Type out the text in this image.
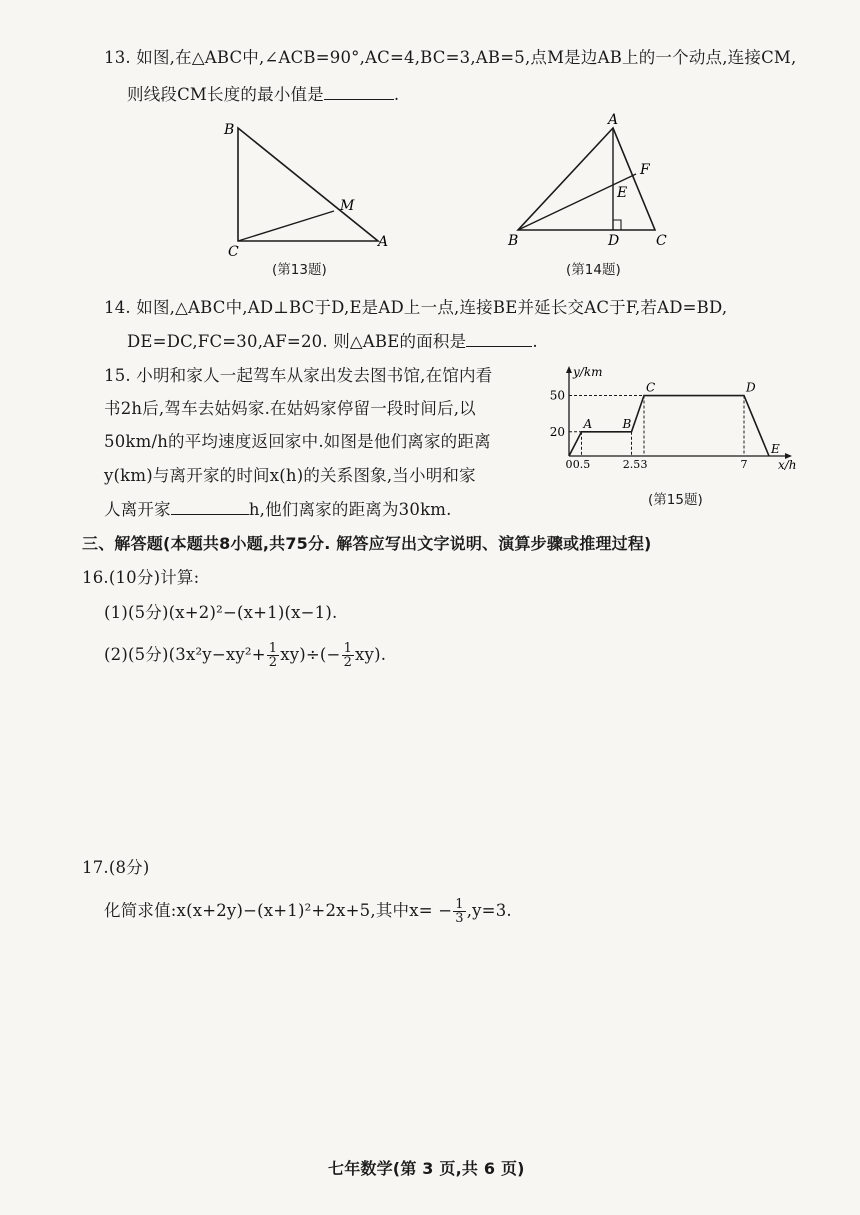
13. 如图,在△ABC中,∠ACB=90°,AC=4,BC=3,AB=5,点M是边AB上的一个动点,连接CM,
则线段CM长度的最小值是	.
B
M
C
A
(第13题)
A
F
E
B	D	C
(第14题)
14. 如图,△ABC中,AD⊥BC于D,E是AD上一点,连接BE并延长交AC于F,若AD=BD,
DE=DC,FC=30,AF=20. 则△ABE的面积是	.
15. 小明和家人一起驾车从家出发去图书馆,在馆内看
书2h后,驾车去姑妈家.在姑妈家停留一段时间后,以
50km/h的平均速度返回家中.如图是他们离家的距离
y(km)与离开家的时间x(h)的关系图象,当小明和家
人离开家	h,他们离家的距离为30km.
y/km
x/h
20
50
0 0.5	2.5 3	7
A	B
C	D
E
(第15题)
三、解答题(本题共8小题,共75分. 解答应写出文字说明、演算步骤或推理过程)
16.(10分)计算:
(1)(5分)(x+2)²−(x+1)(x−1).
(2)(5分)$(3x^2y-xy^2+ \frac{1}{2} xy)\div(- \frac{1}{2} xy)$.
17.(8分)
化简求值:x(x+2y)−(x+1)²+2x+5,其中$x= - \frac{1}{3} ,y=3$.
七年数学(第 3 页,共 6 页)
